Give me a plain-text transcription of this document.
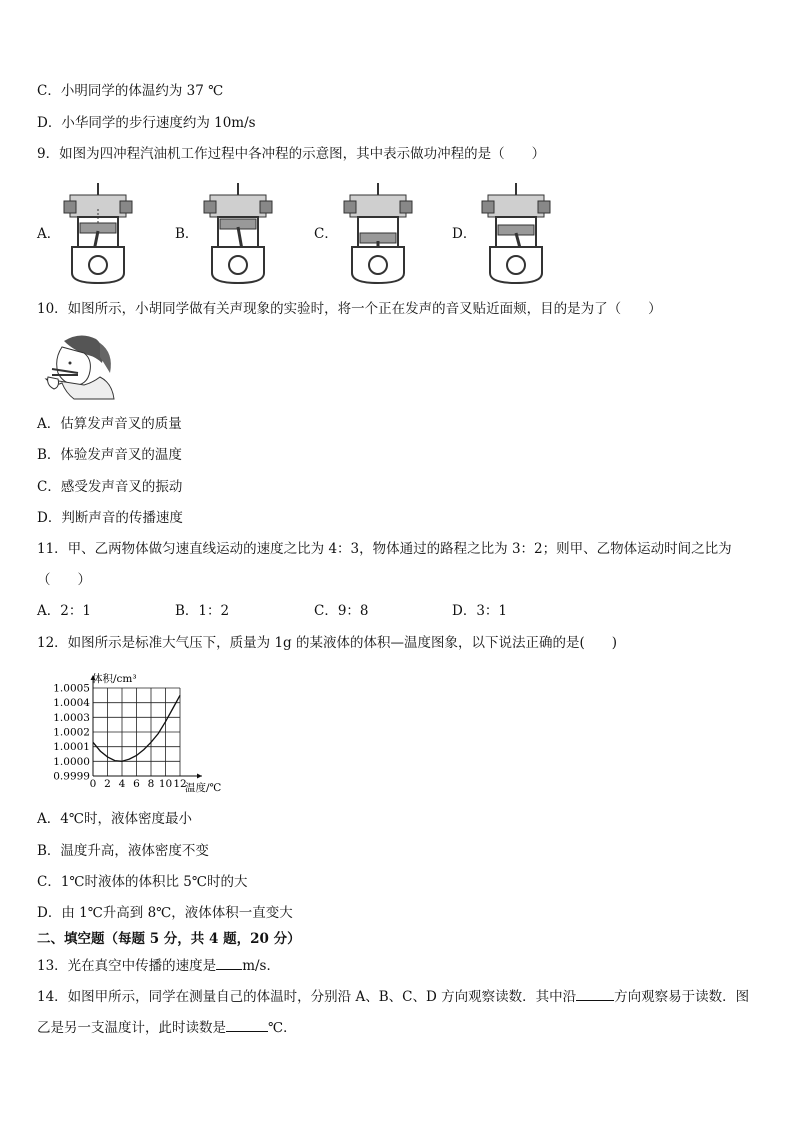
C．小明同学的体温约为 37 ℃
D．小华同学的步行速度约为 10m/s
9．如图为四冲程汽油机工作过程中各冲程的示意图，其中表示做功冲程的是（　　）
A．	B．	C．	D．
10．如图所示，小胡同学做有关声现象的实验时，将一个正在发声的音叉贴近面颊，目的是为了（　　）
A．估算发声音叉的质量
B．体验发声音叉的温度
C．感受发声音叉的振动
D．判断声音的传播速度
11．甲、乙两物体做匀速直线运动的速度之比为 4：3，物体通过的路程之比为 3：2；则甲、乙物体运动时间之比为
（　　）
A．2：1	B．1：2	C．9：8	D．3：1
12．如图所示是标准大气压下，质量为 1g 的某液体的体积—温度图象，以下说法正确的是(　　)
1.0005
1.0004
1.0003
1.0002
1.0001
1.0000
0.9999
0 2 4 6 8 10 12
体积/cm³
温度/℃
A．4℃时，液体密度最小
B．温度升高，液体密度不变
C．1℃时液体的体积比 5℃时的大
D．由 1℃升高到 8℃，液体体积一直变大
二、填空题（每题 5 分，共 4 题，20 分）
13．光在真空中传播的速度是 m/s．
14．如图甲所示，同学在测量自己的体温时，分别沿 A、B、C、D 方向观察读数．其中沿	方向观察易于读数．图
乙是另一支温度计，此时读数是	℃．
